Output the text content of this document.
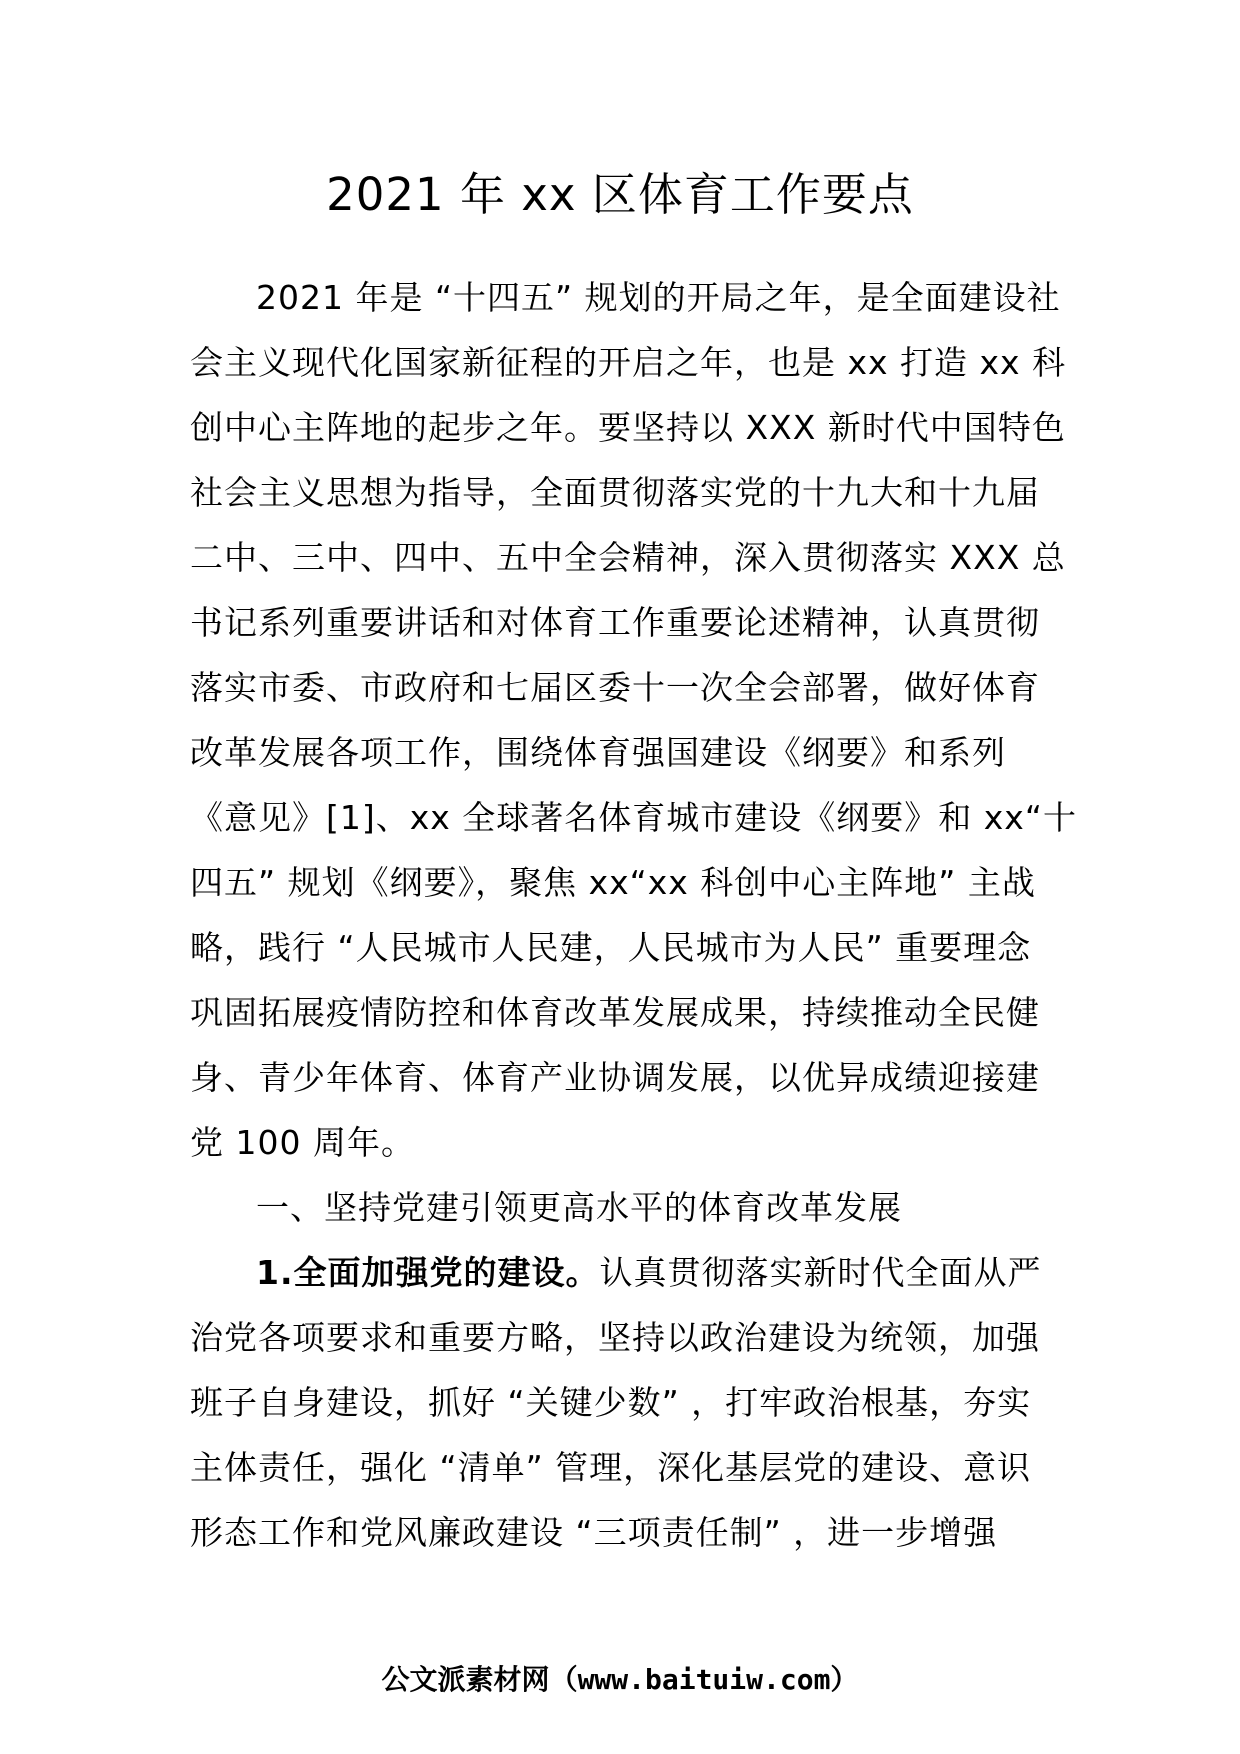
2021 年 xx 区体育工作要点
2021 年是 “十四五” 规划的开局之年，是全面建设社
会主义现代化国家新征程的开启之年，也是 xx 打造 xx 科
创中心主阵地的起步之年。要坚持以 XXX 新时代中国特色
社会主义思想为指导，全面贯彻落实党的十九大和十九届
二中、三中、四中、五中全会精神，深入贯彻落实 XXX 总
书记系列重要讲话和对体育工作重要论述精神，认真贯彻
落实市委、市政府和七届区委十一次全会部署，做好体育
改革发展各项工作，围绕体育强国建设《纲要》和系列
《意见》[1]、xx 全球著名体育城市建设《纲要》和 xx“十
四五” 规划《纲要》，聚焦 xx“xx 科创中心主阵地” 主战
略，践行 “人民城市人民建，人民城市为人民” 重要理念
巩固拓展疫情防控和体育改革发展成果，持续推动全民健
身、青少年体育、体育产业协调发展，以优异成绩迎接建
党 100 周年。
一、坚持党建引领更高水平的体育改革发展
1.全面加强党的建设。认真贯彻落实新时代全面从严
治党各项要求和重要方略，坚持以政治建设为统领，加强
班子自身建设，抓好 “关键少数” ，打牢政治根基，夯实
主体责任，强化 “清单” 管理，深化基层党的建设、意识
形态工作和党风廉政建设 “三项责任制” ，进一步增强
公文派素材网（www.baituiw.com）
